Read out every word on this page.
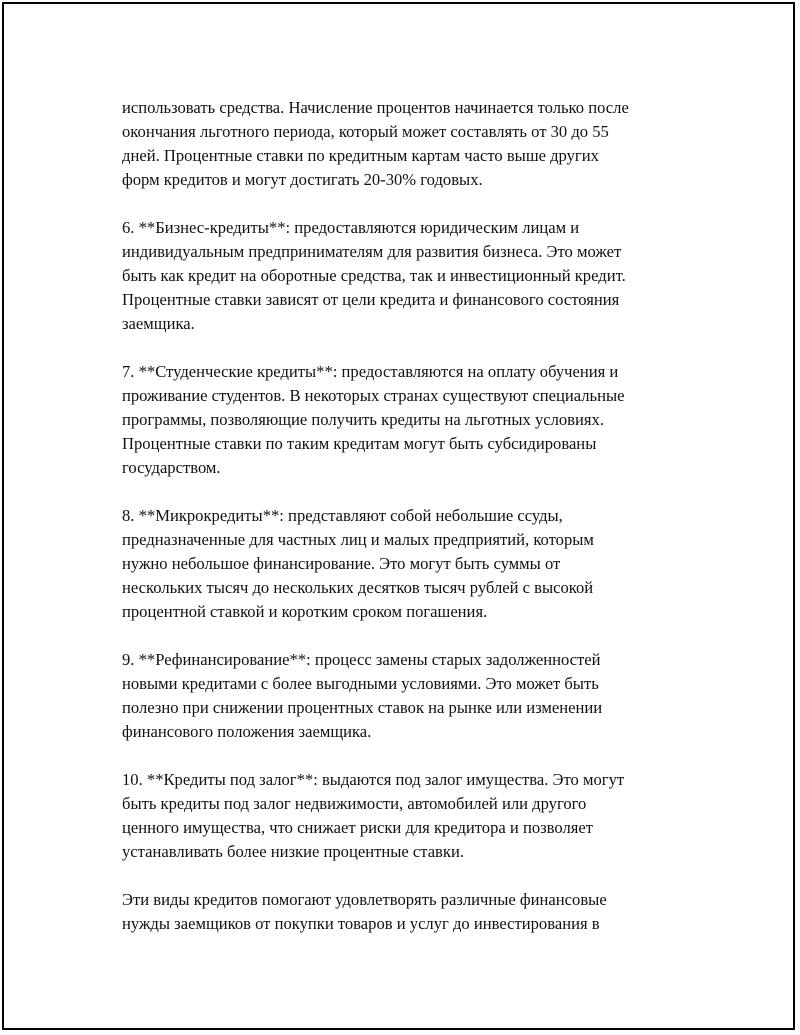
использовать средства. Начисление процентов начинается только после
окончания льготного периода, который может составлять от 30 до 55
дней. Процентные ставки по кредитным картам часто выше других
форм кредитов и могут достигать 20-30% годовых.

6. **Бизнес-кредиты**: предоставляются юридическим лицам и
индивидуальным предпринимателям для развития бизнеса. Это может
быть как кредит на оборотные средства, так и инвестиционный кредит.
Процентные ставки зависят от цели кредита и финансового состояния
заемщика.

7. **Студенческие кредиты**: предоставляются на оплату обучения и
проживание студентов. В некоторых странах существуют специальные
программы, позволяющие получить кредиты на льготных условиях.
Процентные ставки по таким кредитам могут быть субсидированы
государством.

8. **Микрокредиты**: представляют собой небольшие ссуды,
предназначенные для частных лиц и малых предприятий, которым
нужно небольшое финансирование. Это могут быть суммы от
нескольких тысяч до нескольких десятков тысяч рублей с высокой
процентной ставкой и коротким сроком погашения.

9. **Рефинансирование**: процесс замены старых задолженностей
новыми кредитами с более выгодными условиями. Это может быть
полезно при снижении процентных ставок на рынке или изменении
финансового положения заемщика.

10. **Кредиты под залог**: выдаются под залог имущества. Это могут
быть кредиты под залог недвижимости, автомобилей или другого
ценного имущества, что снижает риски для кредитора и позволяет
устанавливать более низкие процентные ставки.

Эти виды кредитов помогают удовлетворять различные финансовые
нужды заемщиков от покупки товаров и услуг до инвестирования в
